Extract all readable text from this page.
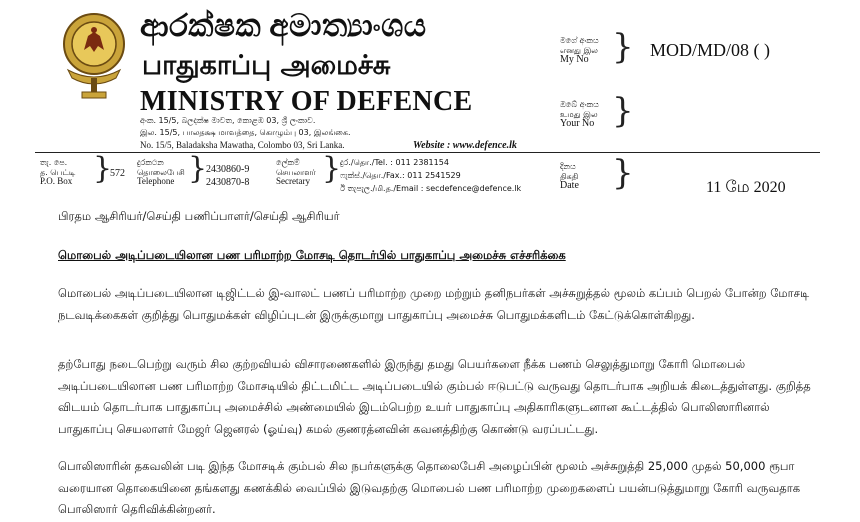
ආරක්ෂක අමාත්‍යාංශය
பாதுகாப்பு அமைச்சு
MINISTRY OF DEFENCE
අංක. 15/5, බලදක්ෂ මාවත, කොළඹ 03, ශ්‍රී ලංකාව.
இல. 15/5, பாலதக்ஷ மாவத்தை, கொழும்பு 03, இலங்கை.
No. 15/5, Baladaksha Mawatha, Colombo 03, Sri Lanka.	Website : www.defence.lk
මගේ අංකය
எனது இல
My No } MOD/MD/08 ( )
ඔබේ අංකය
உமது இல
Your No }
තැ. පෙ.
த. பெட்டி
P.O. Box }
572
දුරකථන
தொலைபேசி
Telephone }
2430860-9
2430870-8
ලේකම්
செயலாளர்
Secretary }
දුර./தொ./Tel. : 011 2381154
ෆැක්ස්./தொ./Fax.: 011 2541529
ඊ තැපැල./மி.த./Email : secdefence@defence.lk
දිනය
திகதி
Date }	11 மே 2020
பிரதம ஆசிரியர்/செய்தி பணிப்பாளர்/செய்தி ஆசிரியர்
மொபைல் அடிப்படையிலான பண பரிமாற்ற மோசடி தொடர்பில் பாதுகாப்பு அமைச்சு எச்சரிக்கை
மொபைல் அடிப்படையிலான டிஜிட்டல் இ-வாலட் பணப் பரிமாற்ற முறை மற்றும் தனிநபர்கள் அச்சுறுத்தல் மூலம் கப்பம் பெறல் போன்ற மோசடி நடவடிக்கைகள் குறித்து பொதுமக்கள் விழிப்புடன் இருக்குமாறு பாதுகாப்பு அமைச்சு பொதுமக்களிடம் கேட்டுக்கொள்கிறது.
தற்போது நடைபெற்று வரும் சில குற்றவியல் விசாரணைகளில் இருந்து தமது பெயர்களை நீக்க பணம் செலுத்துமாறு கோரி மொபைல் அடிப்படையிலான பண பரிமாற்ற மோசடியில் திட்டமிட்ட அடிப்படையில் கும்பல் ஈடுபட்டு வருவது தொடர்பாக அறியக் கிடைத்துள்ளது. குறித்த விடயம் தொடர்பாக பாதுகாப்பு அமைச்சில் அண்மையில் இடம்பெற்ற உயர் பாதுகாப்பு அதிகாரிகளுடனான கூட்டத்தில் பொலிஸாரினால் பாதுகாப்பு செயலாளர் மேஜர் ஜெனரல் (ஓய்வு) கமல் குணரத்னவின் கவனத்திற்கு கொண்டு வரப்பட்டது.
பொலிஸாரின் தகவலின் படி இந்த மோசடிக் கும்பல் சில நபர்களுக்கு தொலைபேசி அழைப்பின் மூலம் அச்சுறுத்தி 25,000 முதல் 50,000 ரூபா வரையான தொகையினை தங்களது கணக்கில் வைப்பில் இடுவதற்கு மொபைல் பண பரிமாற்ற முறைகளைப் பயன்படுத்துமாறு கோரி வருவதாக பொலிஸார் தெரிவிக்கின்றனர்.
